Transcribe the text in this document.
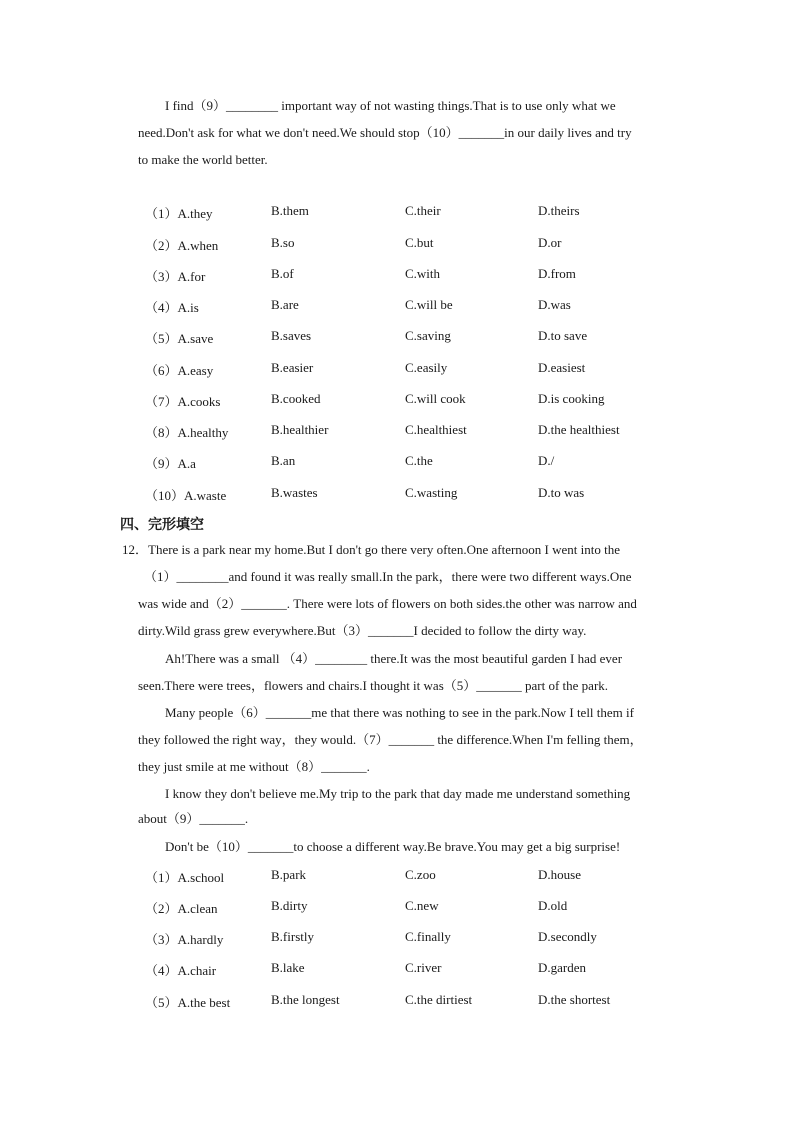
I find（9）________ important way of not wasting things.That is to use only what we

need.Don't ask for what we don't need.We should stop（10）_______in our daily lives and try

to make the world better.

（1）A.they	B.them	C.their	D.theirs
（2）A.when	B.so	C.but	D.or
（3）A.for	B.of	C.with	D.from
（4）A.is	B.are	C.will be	D.was
（5）A.save	B.saves	C.saving	D.to save
（6）A.easy	B.easier	C.easily	D.easiest
（7）A.cooks	B.cooked	C.will cook	D.is cooking
（8）A.healthy	B.healthier	C.healthiest	D.the healthiest
（9）A.a	B.an	C.the	D./
（10）A.waste	B.wastes	C.wasting	D.to was
四、完形填空

12．There is a park near my home.But I don't go there very often.One afternoon I went into the

（1）________and found it was really small.In the park，there were two different ways.One

was wide and（2）_______. There were lots of flowers on both sides.the other was narrow and

dirty.Wild grass grew everywhere.But（3）_______I decided to follow the dirty way.

Ah!There was a small （4）________ there.It was the most beautiful garden I had ever

seen.There were trees，flowers and chairs.I thought it was（5）_______ part of the park.

Many people（6）_______me that there was nothing to see in the park.Now I tell them if

they followed the right way，they would.（7）_______ the difference.When I'm felling them，

they just smile at me without（8）_______.

I know they don't believe me.My trip to the park that day made me understand something

about（9）_______.

Don't be（10）_______to choose a different way.Be brave.You may get a big surprise!

（1）A.school	B.park	C.zoo	D.house
（2）A.clean	B.dirty	C.new	D.old
（3）A.hardly	B.firstly	C.finally	D.secondly
（4）A.chair	B.lake	C.river	D.garden
（5）A.the best	B.the longest	C.the dirtiest	D.the shortest
